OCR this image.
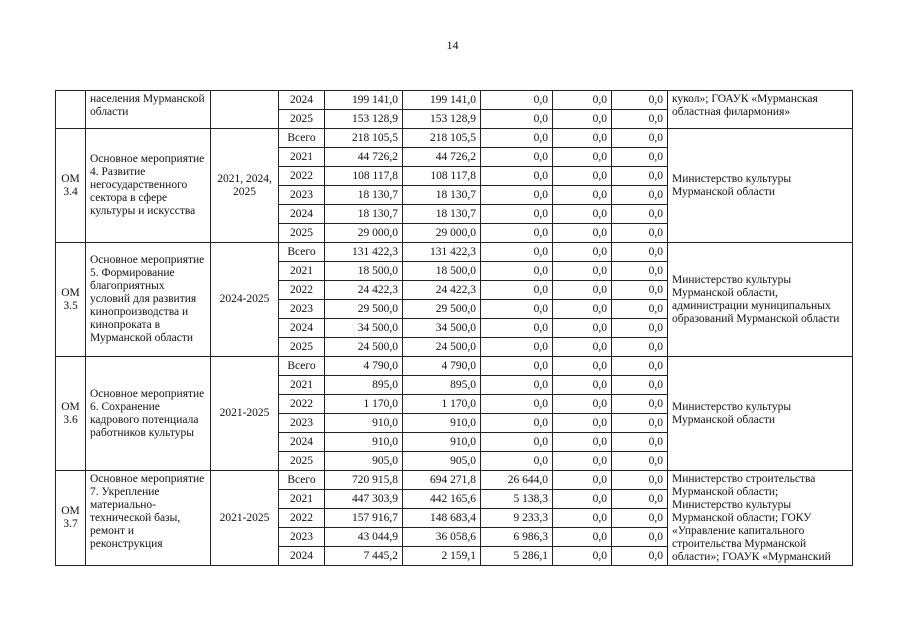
14
	населения Мурманской области		2024	199 141,0	199 141,0	0,0	0,0	0,0	кукол»; ГОАУК «Мурманская областная филармония»
			2025	153 128,9	153 128,9	0,0	0,0	0,0	
ОМ 3.4	Основное мероприятие 4. Развитие негосударственного сектора в сфере культуры и искусства	2021, 2024, 2025	Всего	218 105,5	218 105,5	0,0	0,0	0,0	Министерство культуры Мурманской области
			2021	44 726,2	44 726,2	0,0	0,0	0,0	
			2022	108 117,8	108 117,8	0,0	0,0	0,0	
			2023	18 130,7	18 130,7	0,0	0,0	0,0	
			2024	18 130,7	18 130,7	0,0	0,0	0,0	
			2025	29 000,0	29 000,0	0,0	0,0	0,0	
ОМ 3.5	Основное мероприятие 5. Формирование благоприятных условий для развития кинопроизводства и кинопроката в Мурманской области	2024-2025	Всего	131 422,3	131 422,3	0,0	0,0	0,0	Министерство культуры Мурманской области, администрации муниципальных образований Мурманской области
			2021	18 500,0	18 500,0	0,0	0,0	0,0	
			2022	24 422,3	24 422,3	0,0	0,0	0,0	
			2023	29 500,0	29 500,0	0,0	0,0	0,0	
			2024	34 500,0	34 500,0	0,0	0,0	0,0	
			2025	24 500,0	24 500,0	0,0	0,0	0,0	
ОМ 3.6	Основное мероприятие 6. Сохранение кадрового потенциала работников культуры	2021-2025	Всего	4 790,0	4 790,0	0,0	0,0	0,0	Министерство культуры Мурманской области
			2021	895,0	895,0	0,0	0,0	0,0	
			2022	1 170,0	1 170,0	0,0	0,0	0,0	
			2023	910,0	910,0	0,0	0,0	0,0	
			2024	910,0	910,0	0,0	0,0	0,0	
			2025	905,0	905,0	0,0	0,0	0,0	
ОМ 3.7	Основное мероприятие 7. Укрепление материально-технической базы, ремонт и реконструкция	2021-2025	Всего	720 915,8	694 271,8	26 644,0	0,0	0,0	Министерство строительства Мурманской области; Министерство культуры Мурманской области; ГОКУ «Управление капитального строительства Мурманской области»; ГОАУК «Мурманский
			2021	447 303,9	442 165,6	5 138,3	0,0	0,0	
			2022	157 916,7	148 683,4	9 233,3	0,0	0,0	
			2023	43 044,9	36 058,6	6 986,3	0,0	0,0	
			2024	7 445,2	2 159,1	5 286,1	0,0	0,0	
